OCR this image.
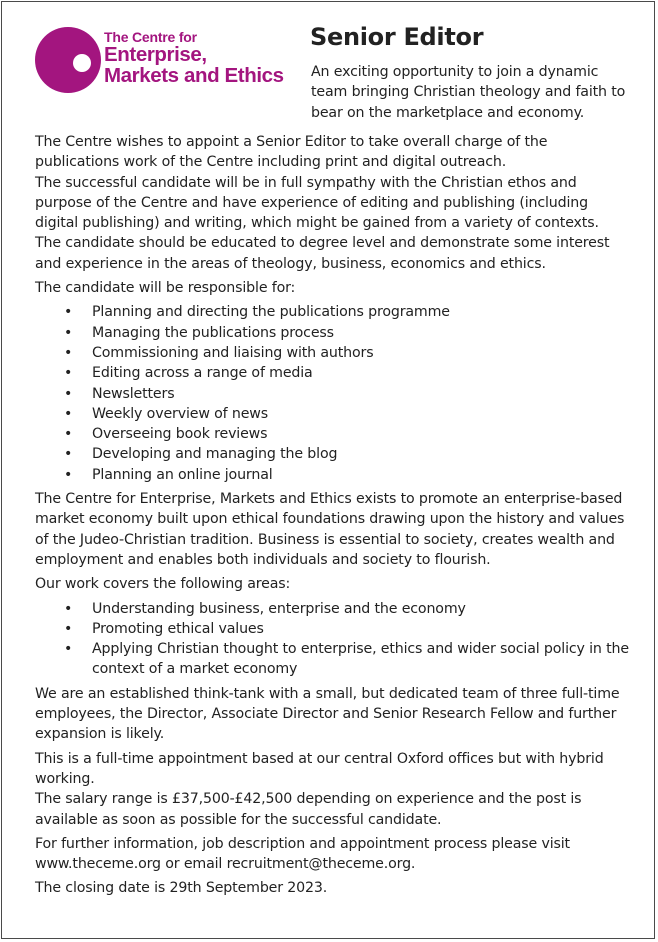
The Centre for
Enterprise,
Markets and Ethics
Senior Editor

An exciting opportunity to join a dynamic team bringing Christian theology and faith to bear on the marketplace and economy.

The Centre wishes to appoint a Senior Editor to take overall charge of the publications work of the Centre including print and digital outreach.
The successful candidate will be in full sympathy with the Christian ethos and purpose of the Centre and have experience of editing and publishing (including digital publishing) and writing, which might be gained from a variety of contexts.
The candidate should be educated to degree level and demonstrate some interest and experience in the areas of theology, business, economics and ethics.

The candidate will be responsible for:

• Planning and directing the publications programme
• Managing the publications process
• Commissioning and liaising with authors
• Editing across a range of media
• Newsletters
• Weekly overview of news
• Overseeing book reviews
• Developing and managing the blog
• Planning an online journal

The Centre for Enterprise, Markets and Ethics exists to promote an enterprise-based market economy built upon ethical foundations drawing upon the history and values of the Judeo-Christian tradition. Business is essential to society, creates wealth and employment and enables both individuals and society to flourish.

Our work covers the following areas:

• Understanding business, enterprise and the economy
• Promoting ethical values
• Applying Christian thought to enterprise, ethics and wider social policy in the context of a market economy

We are an established think-tank with a small, but dedicated team of three full-time employees, the Director, Associate Director and Senior Research Fellow and further expansion is likely.

This is a full-time appointment based at our central Oxford offices but with hybrid working.
The salary range is £37,500-£42,500 depending on experience and the post is available as soon as possible for the successful candidate.

For further information, job description and appointment process please visit www.theceme.org or email recruitment@theceme.org.

The closing date is 29th September 2023.
